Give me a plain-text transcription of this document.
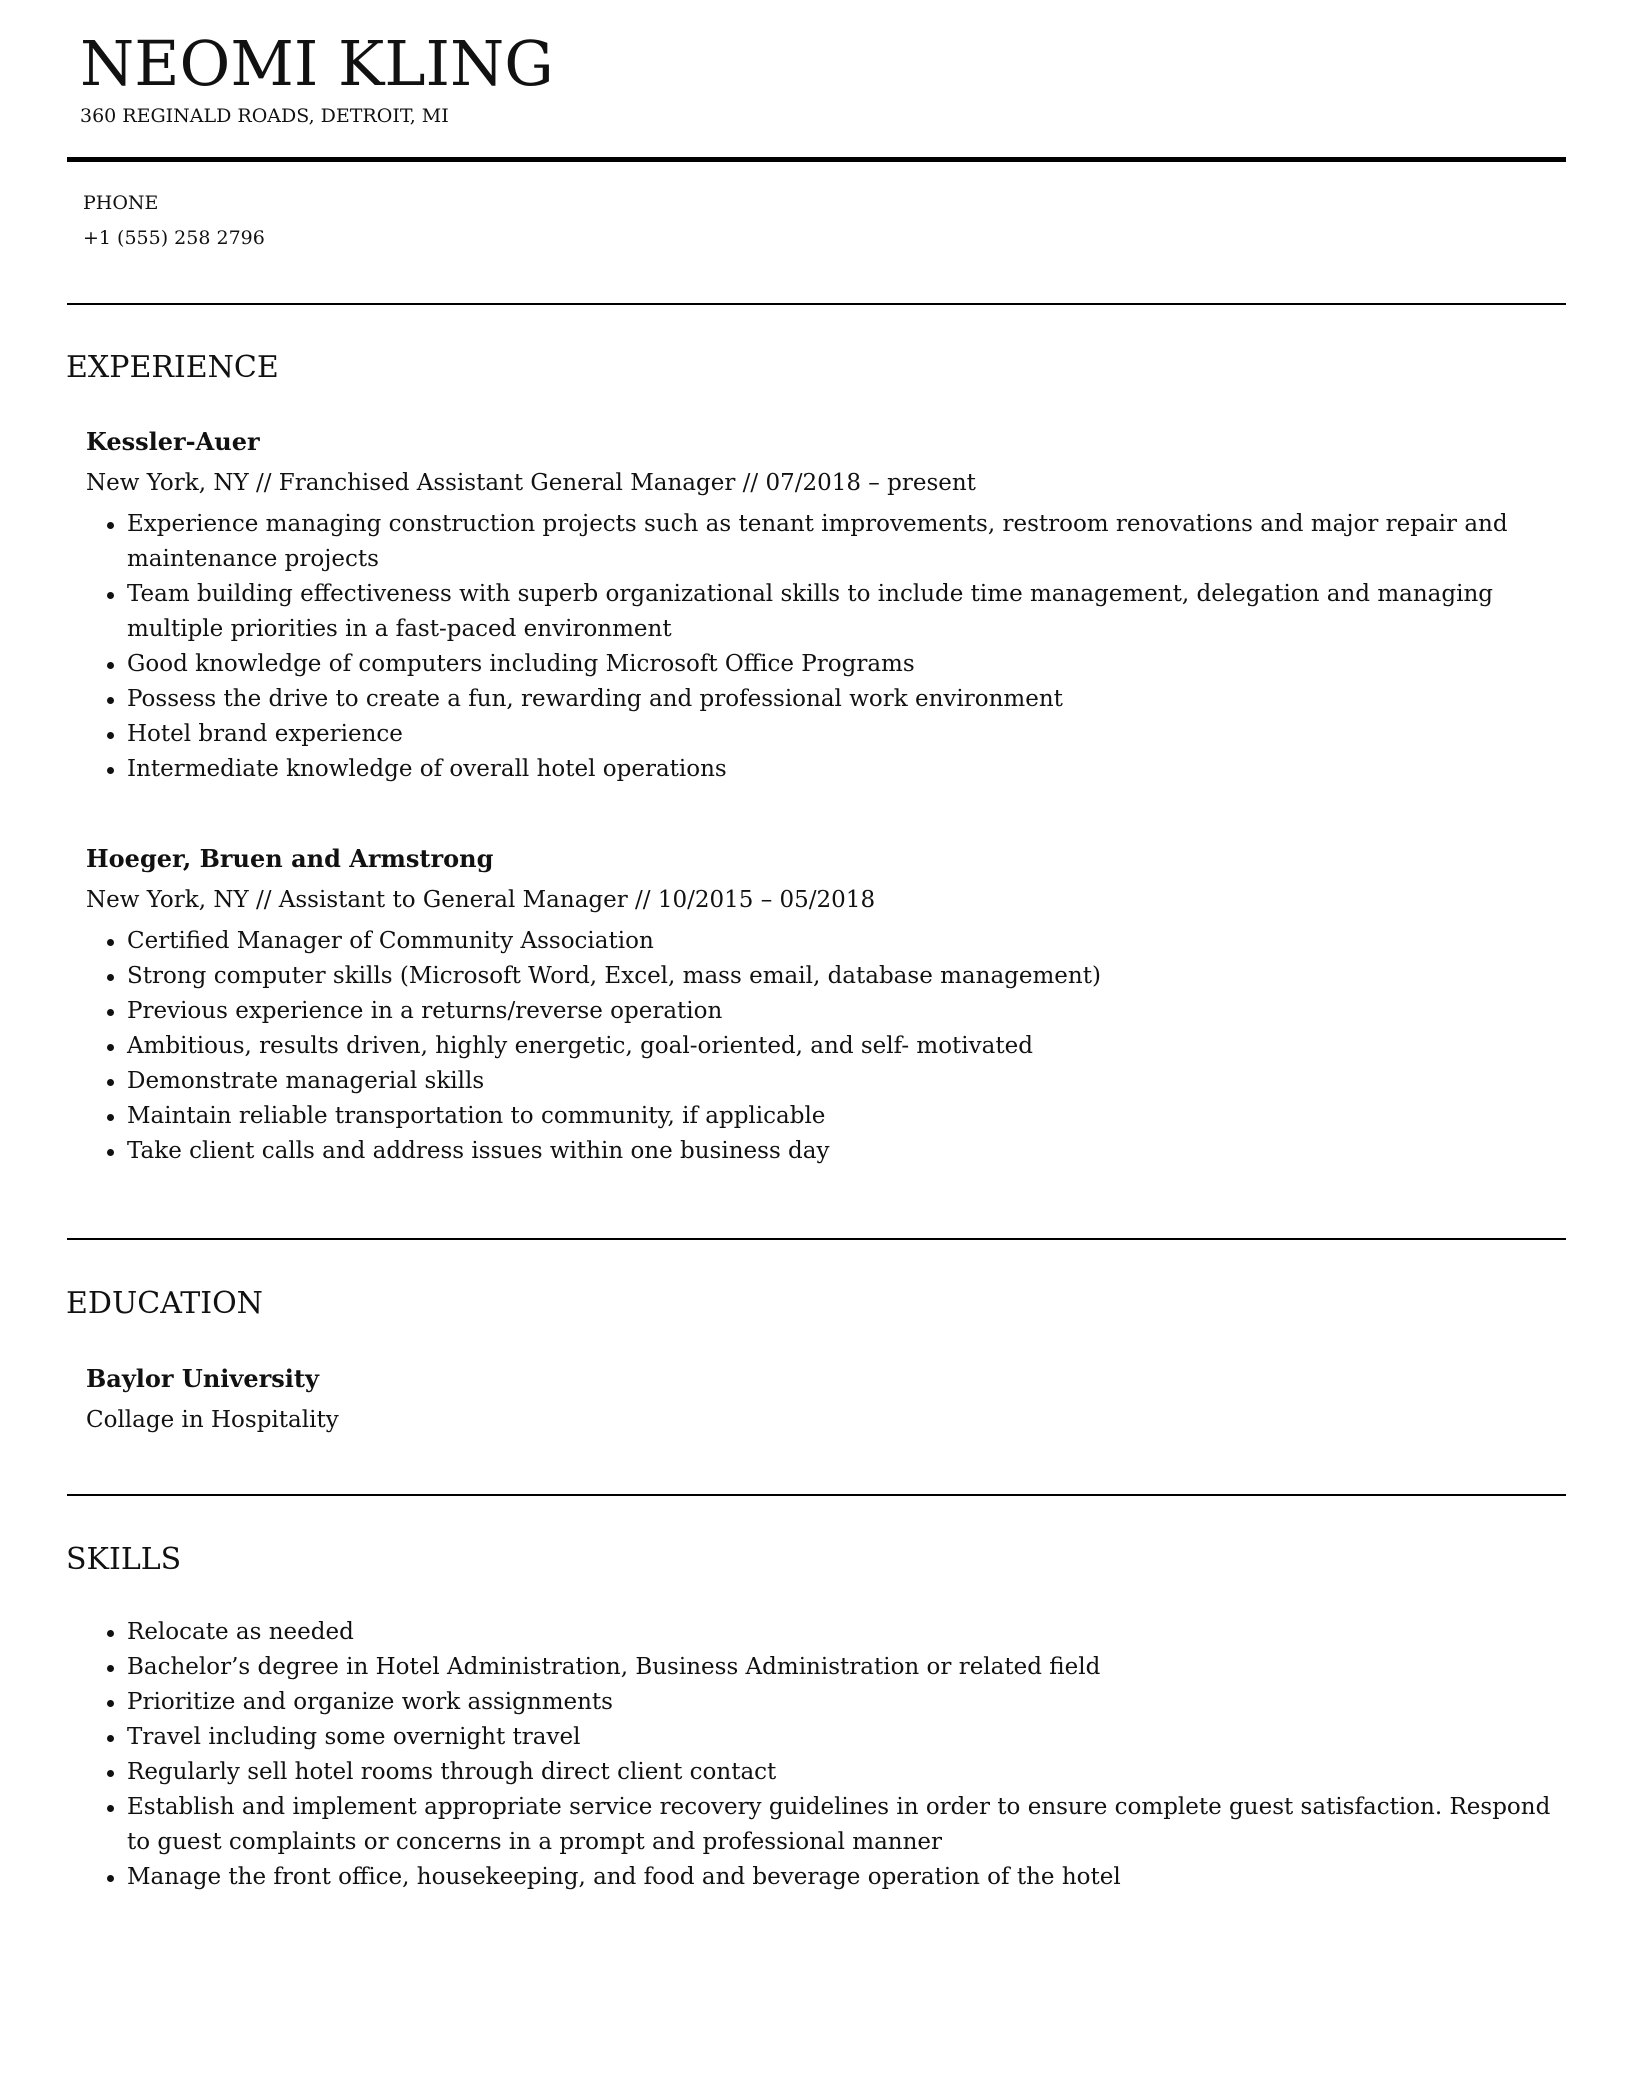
NEOMI KLING
360 REGINALD ROADS, DETROIT, MI
PHONE
+1 (555) 258 2796
EXPERIENCE
Kessler-Auer
New York, NY // Franchised Assistant General Manager // 07/2018 – present
Experience managing construction projects such as tenant improvements, restroom renovations and major repair and maintenance projects
Team building effectiveness with superb organizational skills to include time management, delegation and managing multiple priorities in a fast-paced environment
Good knowledge of computers including Microsoft Office Programs
Possess the drive to create a fun, rewarding and professional work environment
Hotel brand experience
Intermediate knowledge of overall hotel operations
Hoeger, Bruen and Armstrong
New York, NY // Assistant to General Manager // 10/2015 – 05/2018
Certified Manager of Community Association
Strong computer skills (Microsoft Word, Excel, mass email, database management)
Previous experience in a returns/reverse operation
Ambitious, results driven, highly energetic, goal-oriented, and self- motivated
Demonstrate managerial skills
Maintain reliable transportation to community, if applicable
Take client calls and address issues within one business day
EDUCATION
Baylor University
Collage in Hospitality
SKILLS
Relocate as needed
Bachelor’s degree in Hotel Administration, Business Administration or related field
Prioritize and organize work assignments
Travel including some overnight travel
Regularly sell hotel rooms through direct client contact
Establish and implement appropriate service recovery guidelines in order to ensure complete guest satisfaction. Respond to guest complaints or concerns in a prompt and professional manner
Manage the front office, housekeeping, and food and beverage operation of the hotel
